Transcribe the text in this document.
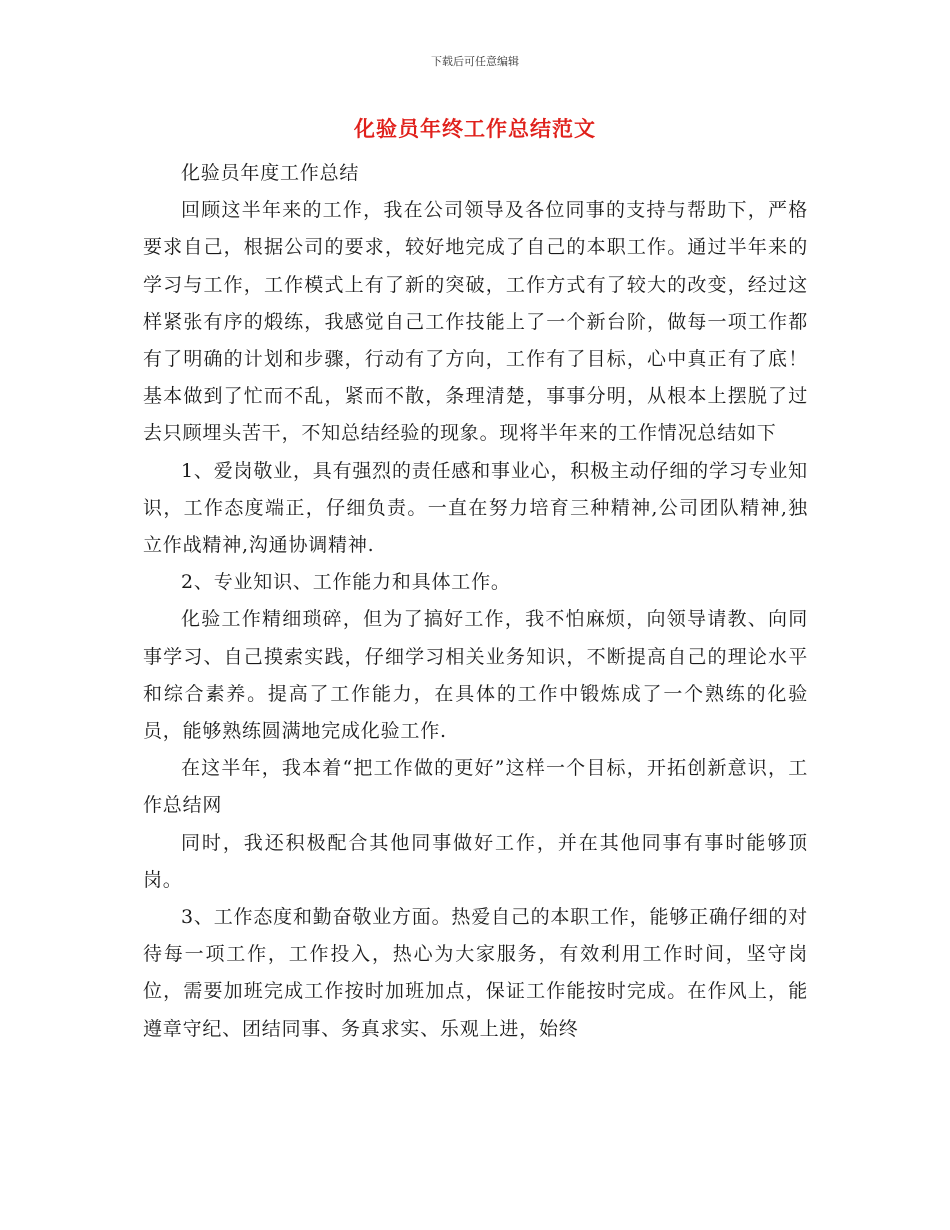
下载后可任意编辑
化验员年终工作总结范文

化验员年度工作总结

回顾这半年来的工作，我在公司领导及各位同事的支持与帮助下，严格要求自己，根据公司的要求，较好地完成了自己的本职工作。通过半年来的学习与工作，工作模式上有了新的突破，工作方式有了较大的改变，经过这样紧张有序的煅练，我感觉自己工作技能上了一个新台阶，做每一项工作都有了明确的计划和步骤，行动有了方向，工作有了目标，心中真正有了底！基本做到了忙而不乱，紧而不散，条理清楚，事事分明，从根本上摆脱了过去只顾埋头苦干，不知总结经验的现象。现将半年来的工作情况总结如下

1、爱岗敬业，具有强烈的责任感和事业心，积极主动仔细的学习专业知识，工作态度端正，仔细负责。一直在努力培育三种精神,公司团队精神,独立作战精神,沟通协调精神.

2、专业知识、工作能力和具体工作。

化验工作精细琐碎，但为了搞好工作，我不怕麻烦，向领导请教、向同事学习、自己摸索实践，仔细学习相关业务知识，不断提高自己的理论水平和综合素养。提高了工作能力，在具体的工作中锻炼成了一个熟练的化验员，能够熟练圆满地完成化验工作.

在这半年，我本着“把工作做的更好”这样一个目标，开拓创新意识，工作总结网

同时，我还积极配合其他同事做好工作，并在其他同事有事时能够顶岗。

3、工作态度和勤奋敬业方面。热爱自己的本职工作，能够正确仔细的对待每一项工作，工作投入，热心为大家服务，有效利用工作时间，坚守岗位，需要加班完成工作按时加班加点，保证工作能按时完成。在作风上，能遵章守纪、团结同事、务真求实、乐观上进，始终
